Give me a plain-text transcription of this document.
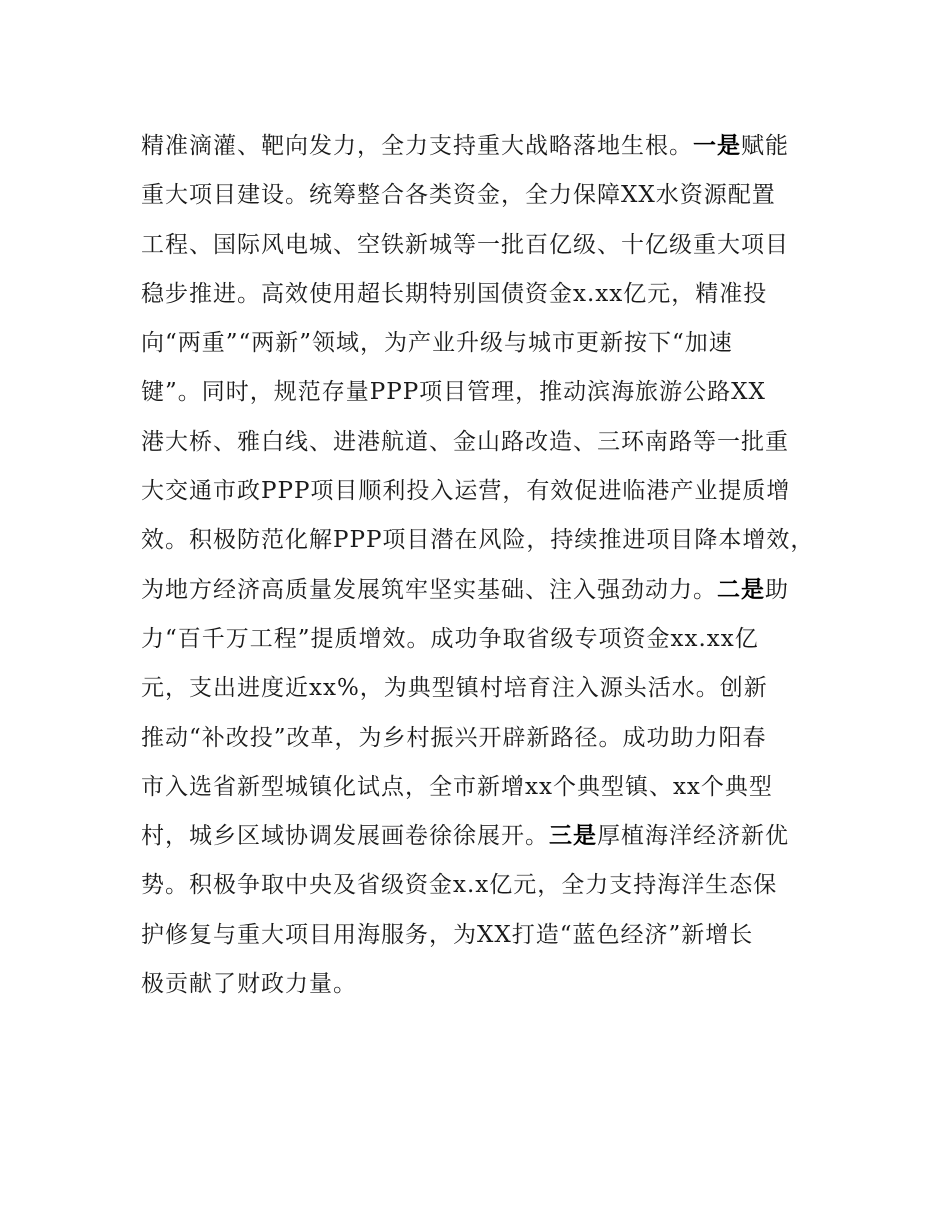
精准滴灌、靶向发力，全力支持重大战略落地生根。一是赋能
重大项目建设。统筹整合各类资金，全力保障XX水资源配置
工程、国际风电城、空铁新城等一批百亿级、十亿级重大项目
稳步推进。高效使用超长期特别国债资金x.xx亿元，精准投
向“两重”“两新”领域，为产业升级与城市更新按下“加速
键”。同时，规范存量PPP项目管理，推动滨海旅游公路XX
港大桥、雅白线、进港航道、金山路改造、三环南路等一批重
大交通市政PPP项目顺利投入运营，有效促进临港产业提质增
效。积极防范化解PPP项目潜在风险，持续推进项目降本增效，
为地方经济高质量发展筑牢坚实基础、注入强劲动力。二是助
力“百千万工程”提质增效。成功争取省级专项资金xx.xx亿
元，支出进度近xx%，为典型镇村培育注入源头活水。创新
推动“补改投”改革，为乡村振兴开辟新路径。成功助力阳春
市入选省新型城镇化试点，全市新增xx个典型镇、xx个典型
村，城乡区域协调发展画卷徐徐展开。三是厚植海洋经济新优
势。积极争取中央及省级资金x.x亿元，全力支持海洋生态保
护修复与重大项目用海服务，为XX打造“蓝色经济”新增长
极贡献了财政力量。
